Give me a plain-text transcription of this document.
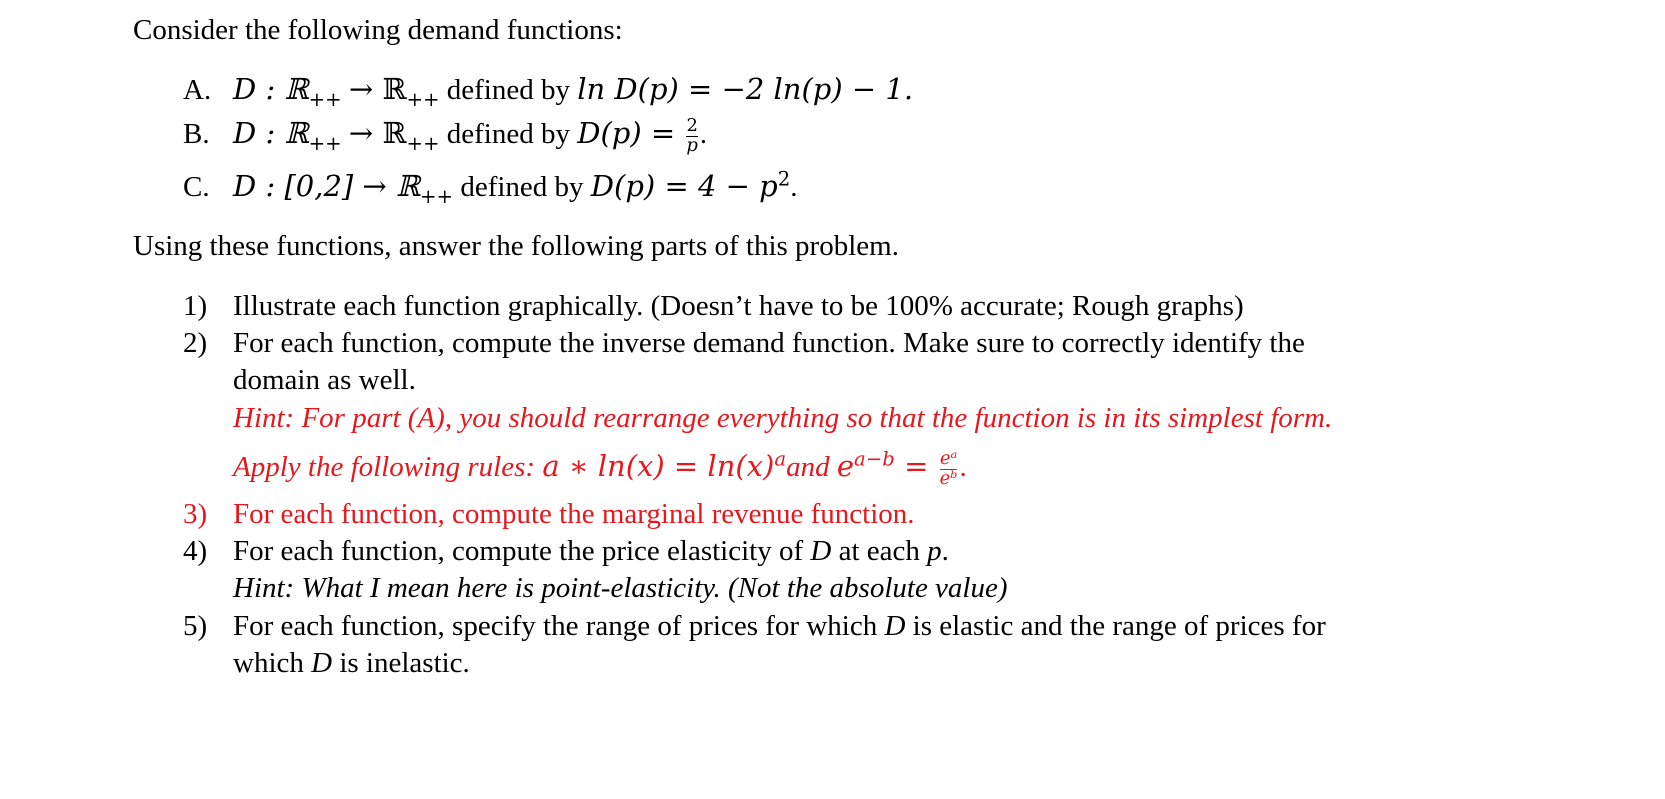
Consider the following demand functions:
A. D : ℝ$_{++}$ → ℝ$_{++}$ defined by ln D(p) = −2 ln(p) − 1.
B. D : ℝ$_{++}$ → ℝ$_{++}$ defined by $D(p) = \frac{2}{p}$ .
C. D : [0,2] → ℝ$_{++}$ defined by $D(p) = 4 - p^2$.
Using these functions, answer the following parts of this problem.
1) Illustrate each function graphically. (Doesn’t have to be 100% accurate; Rough graphs)
2) For each function, compute the inverse demand function. Make sure to correctly identify the
domain as well.
Hint: For part (A), you should rearrange everything so that the function is in its simplest form.
Apply the following rules: a ∗ $\ln(x) = \ln(x)^aand$ $e^{a-b} = \frac{\text{eᵃ}}{\text{eᵇ}}$ .
3) For each function, compute the marginal revenue function.
4) For each function, compute the price elasticity of D at each p.
Hint: What I mean here is point-elasticity. (Not the absolute value)
5) For each function, specify the range of prices for which D is elastic and the range of prices for
which D is inelastic.
